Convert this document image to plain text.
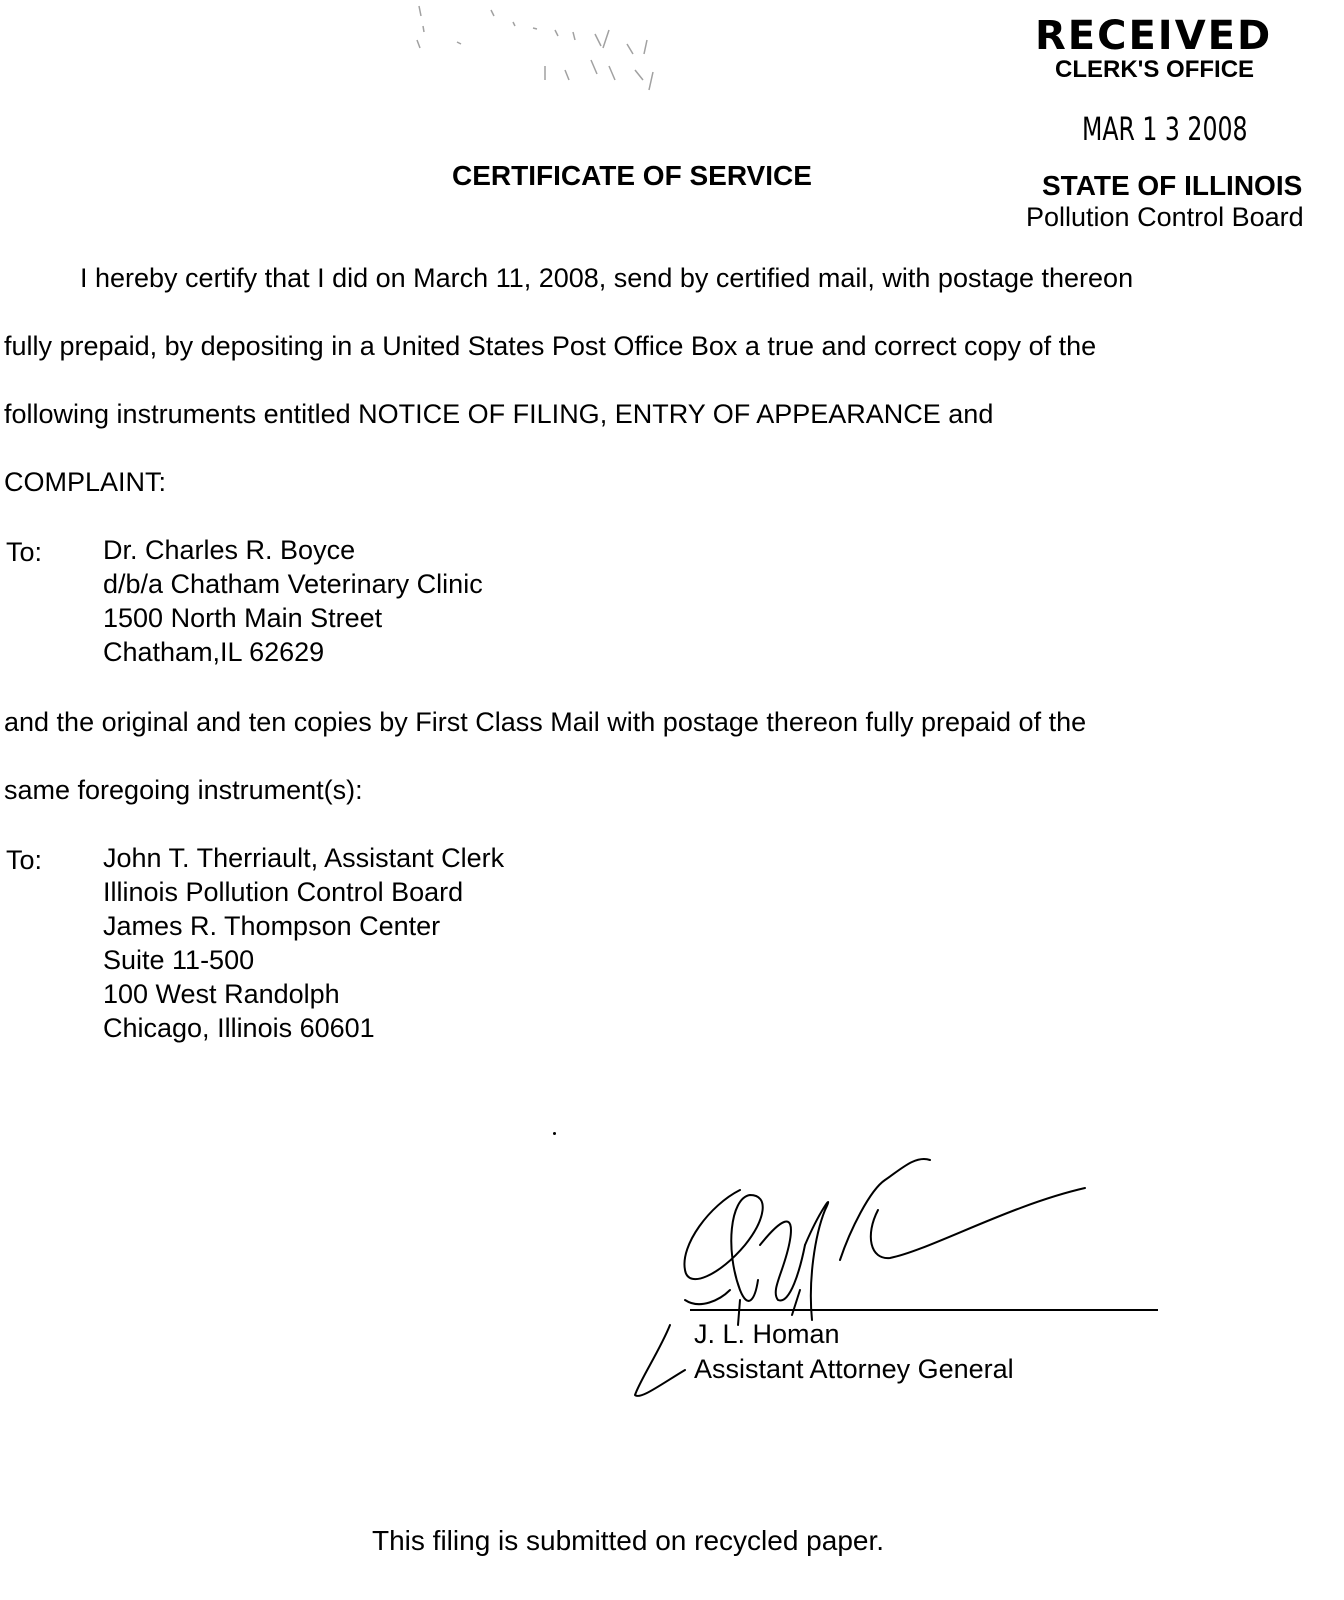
RECEIVED
CLERK'S OFFICE
MAR 1 3 2008
STATE OF ILLINOIS
Pollution Control Board
CERTIFICATE OF SERVICE
I hereby certify that I did on March 11, 2008, send by certified mail, with postage thereon
fully prepaid, by depositing in a United States Post Office Box a true and correct copy of the
following instruments entitled NOTICE OF FILING, ENTRY OF APPEARANCE and
COMPLAINT:
To: Dr. Charles R. Boyce
d/b/a Chatham Veterinary Clinic
1500 North Main Street
Chatham,IL 62629
and the original and ten copies by First Class Mail with postage thereon fully prepaid of the
same foregoing instrument(s):
To: John T. Therriault, Assistant Clerk
Illinois Pollution Control Board
James R. Thompson Center
Suite 11-500
100 West Randolph
Chicago, Illinois 60601
J. L. Homan
Assistant Attorney General
This filing is submitted on recycled paper.
